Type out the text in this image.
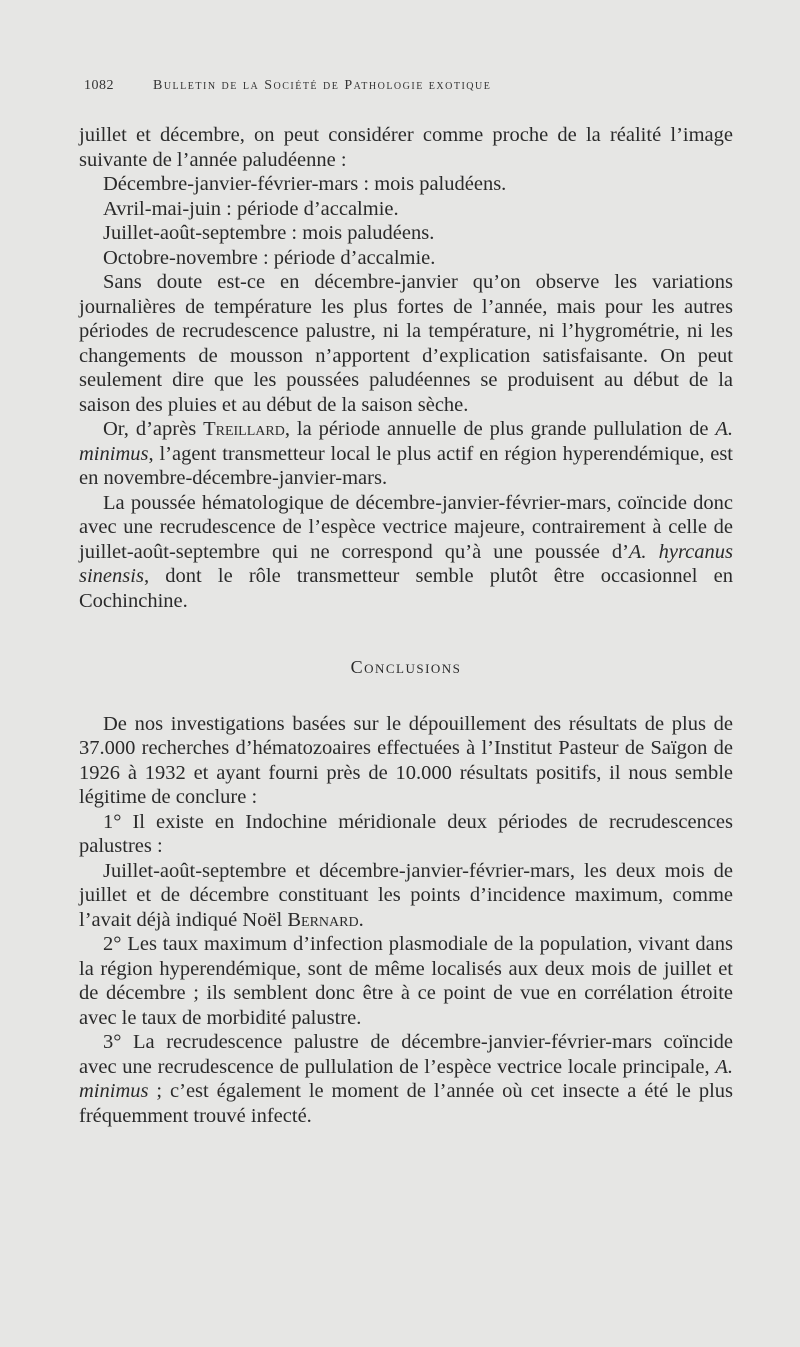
1082	Bulletin de la Société de Pathologie exotique

juillet et décembre, on peut considérer comme proche de la réalité l’image suivante de l’année paludéenne :

Décembre-janvier-février-mars : mois paludéens.

Avril-mai-juin : période d’accalmie.

Juillet-août-septembre : mois paludéens.

Octobre-novembre : période d’accalmie.

Sans doute est-ce en décembre-janvier qu’on observe les variations journalières de température les plus fortes de l’année, mais pour les autres périodes de recrudescence palustre, ni la température, ni l’hygrométrie, ni les changements de mousson n’apportent d’explication satisfaisante. On peut seulement dire que les poussées paludéennes se produisent au début de la saison des pluies et au début de la saison sèche.

Or, d’après Treillard, la période annuelle de plus grande pullulation de A. minimus, l’agent transmetteur local le plus actif en région hyperendémique, est en novembre-décembre-janvier-mars.

La poussée hématologique de décembre-janvier-février-mars, coïncide donc avec une recrudescence de l’espèce vectrice majeure, contrairement à celle de juillet-août-septembre qui ne correspond qu’à une poussée d’A. hyrcanus sinensis, dont le rôle transmetteur semble plutôt être occasionnel en Cochinchine.

Conclusions

De nos investigations basées sur le dépouillement des résultats de plus de 37.000 recherches d’hématozoaires effectuées à l’Institut Pasteur de Saïgon de 1926 à 1932 et ayant fourni près de 10.000 résultats positifs, il nous semble légitime de conclure :

1° Il existe en Indochine méridionale deux périodes de recrudescences palustres :

Juillet-août-septembre et décembre-janvier-février-mars, les deux mois de juillet et de décembre constituant les points d’incidence maximum, comme l’avait déjà indiqué Noël Bernard.

2° Les taux maximum d’infection plasmodiale de la population, vivant dans la région hyperendémique, sont de même localisés aux deux mois de juillet et de décembre ; ils semblent donc être à ce point de vue en corrélation étroite avec le taux de morbidité palustre.

3° La recrudescence palustre de décembre-janvier-février-mars coïncide avec une recrudescence de pullulation de l’espèce vectrice locale principale, A. minimus ; c’est également le moment de l’année où cet insecte a été le plus fréquemment trouvé infecté.
